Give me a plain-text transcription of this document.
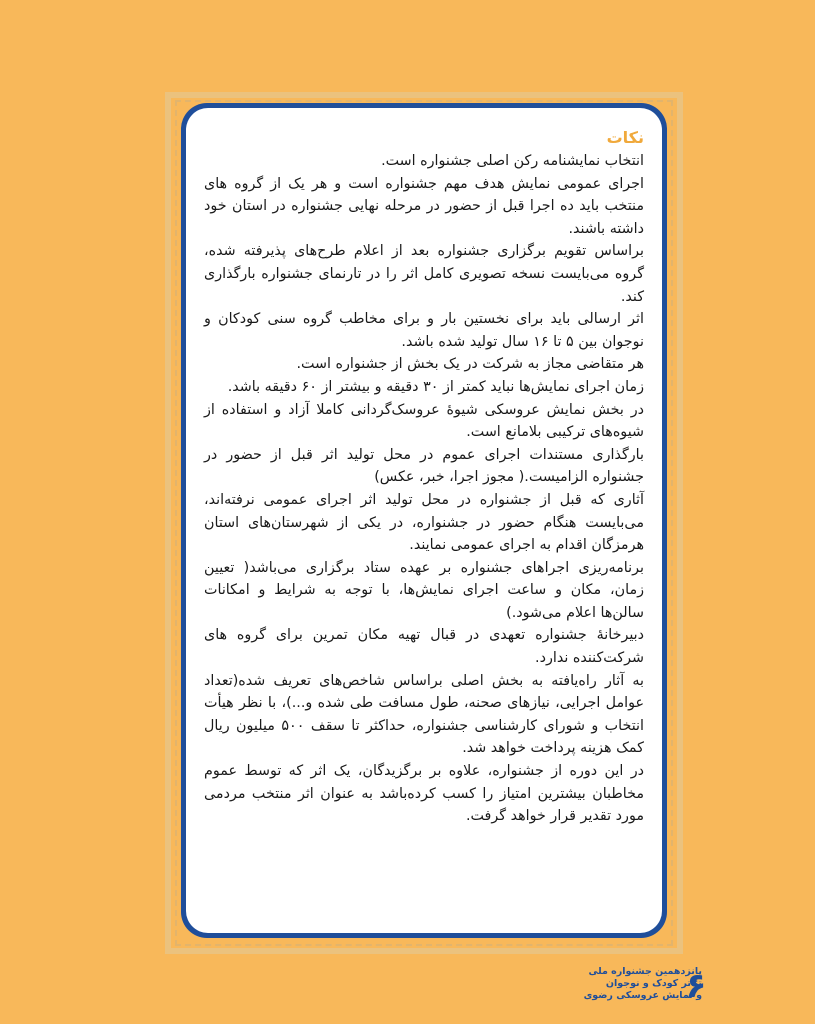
نکات

انتخاب نمایشنامه رکن اصلی جشنواره است.

اجرای عمومی نمایش هدف مهم جشنواره است و هر یک از گروه های منتخب باید ده اجرا قبل از حضور در مرحله نهایی جشنواره در استان خود داشته باشند.

براساس تقویم برگزاری جشنواره بعد از اعلام طرح‌های پذیرفته شده، گروه می‌بایست نسخه تصویری کامل اثر را در تارنمای جشنواره بارگذاری کند.

اثر ارسالی باید برای نخستین بار و برای مخاطب گروه سنی کودکان و نوجوان بین ۵ تا ۱۶ سال تولید شده باشد.

هر متقاضی مجاز به شرکت در یک بخش از جشنواره است.

زمان اجرای نمایش‌ها نباید کمتر از ۳۰ دقیقه و بیشتر از ۶۰ دقیقه باشد.

در بخش نمایش عروسکی شیوهٔ عروسک‌گردانی کاملا آزاد و استفاده از شیوه‌های ترکیبی بلامانع است.

بارگذاری مستندات اجرای عموم در محل تولید اثر قبل از حضور در جشنواره الزامیست.( مجوز اجرا، خبر، عکس)

آثاری که قبل از جشنواره در محل تولید اثر اجرای عمومی نرفته‌اند، می‌بایست هنگام حضور در جشنواره، در یکی از شهرستان‌های استان هرمزگان اقدام به اجرای عمومی نمایند.

برنامه‌ریزی اجراهای جشنواره بر عهده ستاد برگزاری می‌باشد( تعیین زمان، مکان و ساعت اجرای نمایش‌ها، با توجه به شرایط و امکانات سالن‌ها اعلام می‌شود.)

دبیرخانهٔ جشنواره تعهدی در قبال تهیه مکان تمرین برای گروه های شرکت‌کننده ندارد.

به آثار راه‌یافته به بخش اصلی براساس شاخص‌های تعریف شده(تعداد عوامل اجرایی، نیازهای صحنه، طول مسافت طی شده و...)، با نظر هیأت انتخاب و شورای کارشناسی جشنواره، حداکثر تا سقف ۵۰۰ میلیون ریال کمک هزینه پرداخت خواهد شد.

در این دوره از جشنواره، علاوه بر برگزیدگان، یک اثر که توسط عموم مخاطبان بیشترین امتیاز را کسب کرده‌باشد به عنوان اثر منتخب مردمی مورد تقدیر قرار خواهد گرفت.

پانزدهمین جشنواره ملی

تئاتر کودک و نوجوان

و نمایش عروسکی رضوی

۶
